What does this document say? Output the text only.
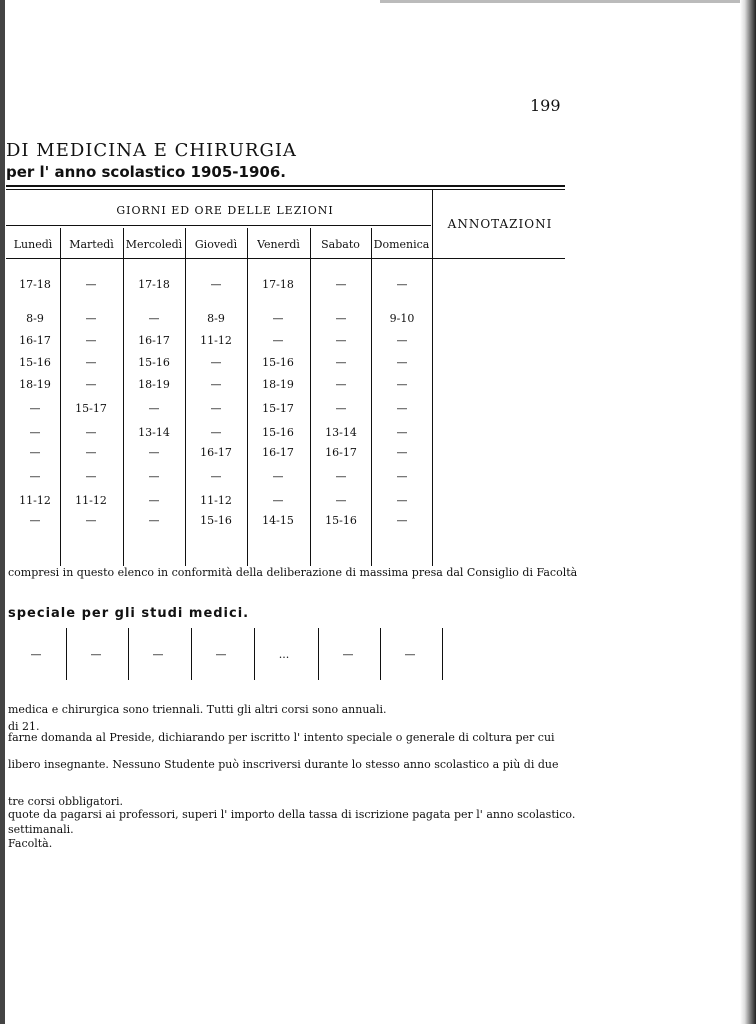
199
DI MEDICINA E CHIRURGIA
per l' anno scolastico 1905-1906.
GIORNI ED ORE DELLE LEZIONI
ANNOTAZIONI
Lunedì	Martedì	Mercoledì	Giovedì	Venerdì	Sabato	Domenica
17-18	—	17-18	—	17-18	—	—
8-9	—	—	8-9	—	—	9-10
16-17	—	16-17	11-12	—	—	—
15-16	—	15-16	—	15-16	—	—
18-19	—	18-19	—	18-19	—	—
—	15-17	—	—	15-17	—	—
—	—	13-14	—	15-16	13-14	—
—	—	—	16-17	16-17	16-17	—
—	—	—	—	—	—	—
11-12	11-12	—	11-12	—	—	—
—	—	—	15-16	14-15	15-16	—
compresi in questo elenco in conformità della deliberazione di massima presa dal Consiglio di Facoltà
speciale per gli studi medici.
—	—	—	—	...	—	—
medica e chirurgica sono triennali. Tutti gli altri corsi sono annuali.
di 21.
farne domanda al Preside, dichiarando per iscritto l' intento speciale o generale di coltura per cui
libero insegnante. Nessuno Studente può inscriversi durante lo stesso anno scolastico a più di due
tre corsi obbligatori.
quote da pagarsi ai professori, superi l' importo della tassa di iscrizione pagata per l' anno scolastico.
settimanali.
Facoltà.
